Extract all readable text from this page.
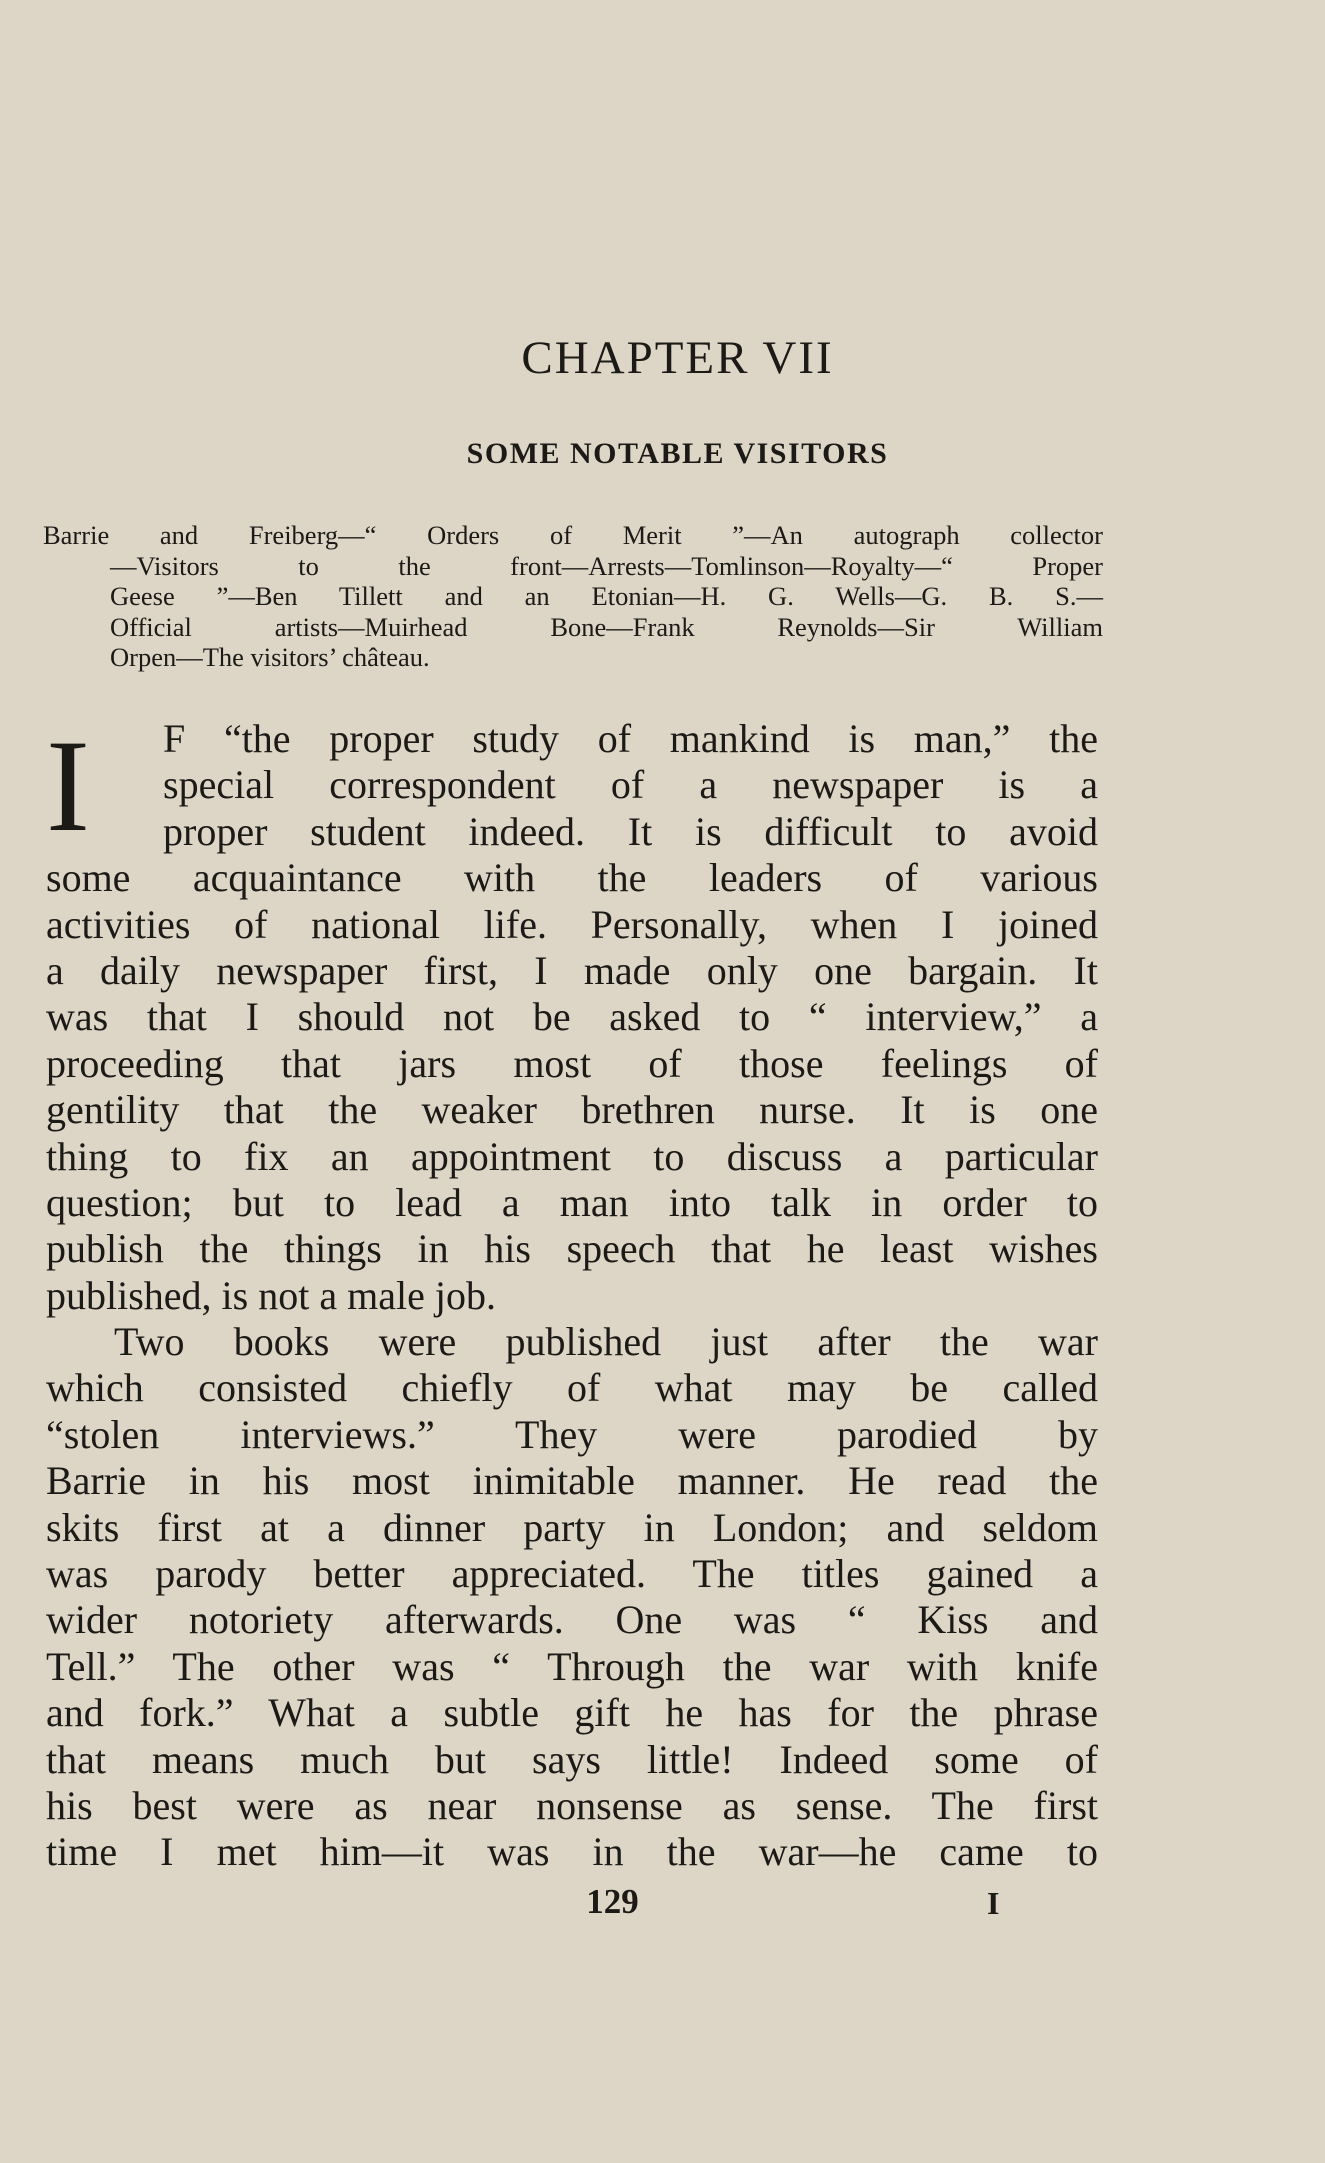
CHAPTER VII
SOME NOTABLE VISITORS
Barrie and Freiberg—“ Orders of Merit ”—An autograph collector
—Visitors to the front—Arrests—Tomlinson—Royalty—“ Proper
Geese ”—Ben Tillett and an Etonian—H. G. Wells—G. B. S.—
Official artists—Muirhead Bone—Frank Reynolds—Sir William
Orpen—The visitors’ château.
I	F “the proper study of mankind is man,” the
special correspondent of a newspaper is a
proper student indeed. It is difficult to avoid
some acquaintance with the leaders of various
activities of national life. Personally, when I joined
a daily newspaper first, I made only one bargain. It
was that I should not be asked to “ interview,” a
proceeding that jars most of those feelings of
gentility that the weaker brethren nurse. It is one
thing to fix an appointment to discuss a particular
question; but to lead a man into talk in order to
publish the things in his speech that he least wishes
published, is not a male job.
Two books were published just after the war
which consisted chiefly of what may be called
“stolen interviews.” They were parodied by
Barrie in his most inimitable manner. He read the
skits first at a dinner party in London; and seldom
was parody better appreciated. The titles gained a
wider notoriety afterwards. One was “ Kiss and
Tell.” The other was “ Through the war with knife
and fork.” What a subtle gift he has for the phrase
that means much but says little! Indeed some of
his best were as near nonsense as sense. The first
time I met him—it was in the war—he came to
129	I
